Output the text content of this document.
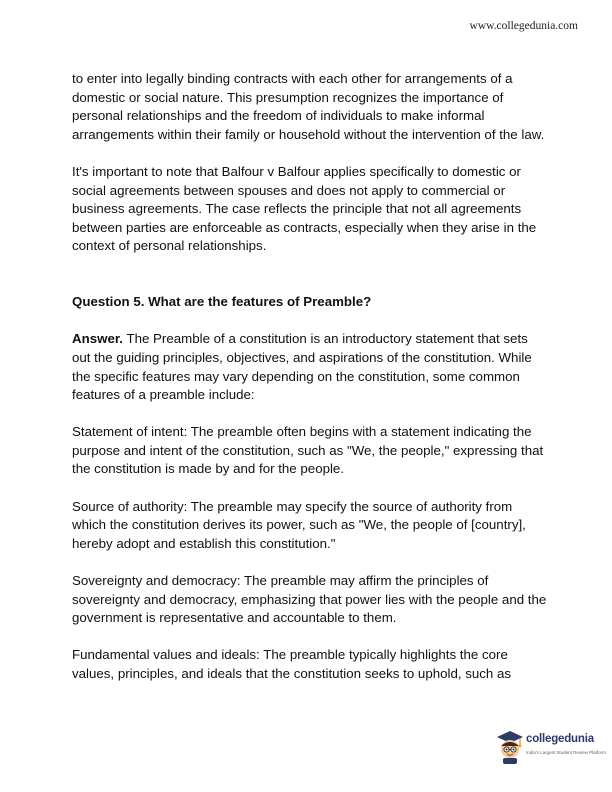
www.collegedunia.com

to enter into legally binding contracts with each other for arrangements of a domestic or social nature. This presumption recognizes the importance of personal relationships and the freedom of individuals to make informal arrangements within their family or household without the intervention of the law.

It's important to note that Balfour v Balfour applies specifically to domestic or social agreements between spouses and does not apply to commercial or business agreements. The case reflects the principle that not all agreements between parties are enforceable as contracts, especially when they arise in the context of personal relationships.

Question 5. What are the features of Preamble?

Answer. The Preamble of a constitution is an introductory statement that sets out the guiding principles, objectives, and aspirations of the constitution. While the specific features may vary depending on the constitution, some common features of a preamble include:

Statement of intent: The preamble often begins with a statement indicating the purpose and intent of the constitution, such as "We, the people," expressing that the constitution is made by and for the people.

Source of authority: The preamble may specify the source of authority from which the constitution derives its power, such as "We, the people of [country], hereby adopt and establish this constitution."

Sovereignty and democracy: The preamble may affirm the principles of sovereignty and democracy, emphasizing that power lies with the people and the government is representative and accountable to them.

Fundamental values and ideals: The preamble typically highlights the core values, principles, and ideals that the constitution seeks to uphold, such as

collegedunia
India's Largest Student Review Platform
